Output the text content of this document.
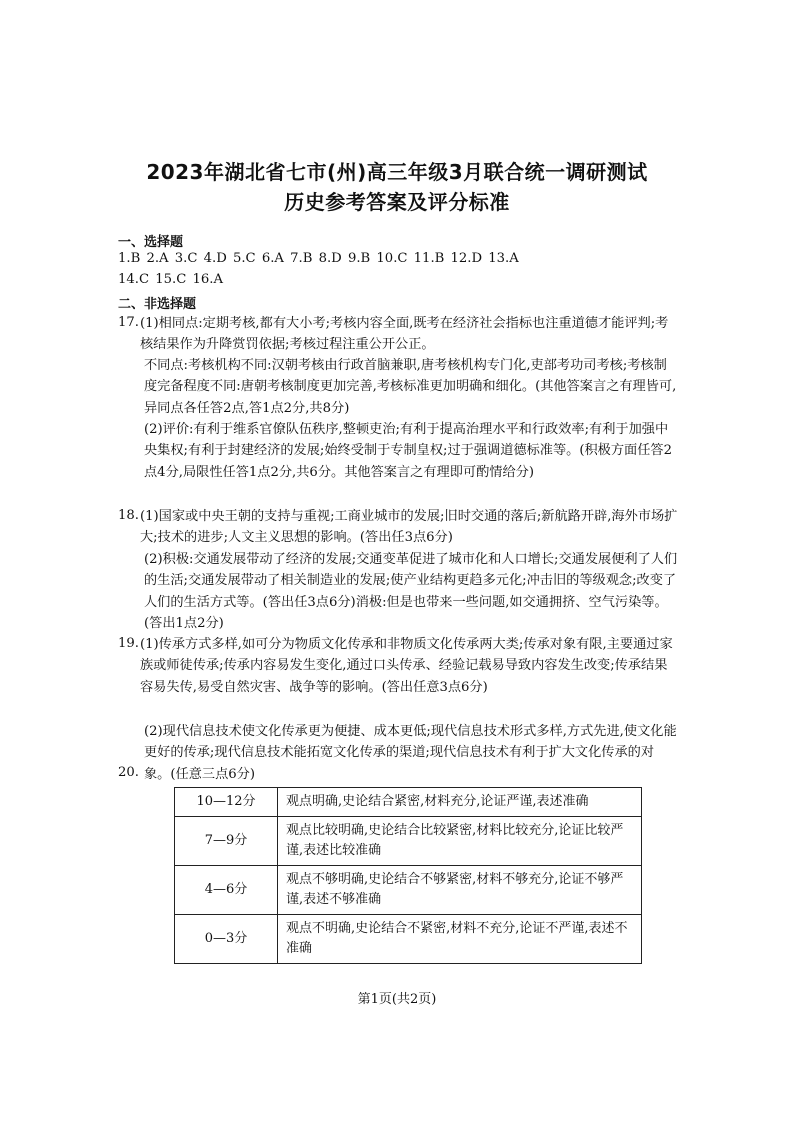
2023年湖北省七市(州)高三年级3月联合统一调研测试
历史参考答案及评分标准
一、选择题
1.B 2.A 3.C 4.D 5.C 6.A 7.B 8.D 9.B 10.C 11.B 12.D 13.A
14.C 15.C 16.A
二、非选择题
17. (1)相同点:定期考核,都有大小考;考核内容全面,既考在经济社会指标也注重道德才能评判;考核结果作为升降赏罚依据;考核过程注重公开公正。
不同点:考核机构不同:汉朝考核由行政首脑兼职,唐考核机构专门化,吏部考功司考核;考核制度完备程度不同:唐朝考核制度更加完善,考核标准更加明确和细化。(其他答案言之有理皆可,异同点各任答2点,答1点2分,共8分)
(2)评价:有利于维系官僚队伍秩序,整顿吏治;有利于提高治理水平和行政效率;有利于加强中央集权;有利于封建经济的发展;始终受制于专制皇权;过于强调道德标准等。(积极方面任答2点4分,局限性任答1点2分,共6分。其他答案言之有理即可酌情给分)
18. (1)国家或中央王朝的支持与重视;工商业城市的发展;旧时交通的落后;新航路开辟,海外市场扩大;技术的进步;人文主义思想的影响。(答出任3点6分)
(2)积极:交通发展带动了经济的发展;交通变革促进了城市化和人口增长;交通发展便利了人们的生活;交通发展带动了相关制造业的发展;使产业结构更趋多元化;冲击旧的等级观念;改变了人们的生活方式等。(答出任3点6分)消极:但是也带来一些问题,如交通拥挤、空气污染等。(答出1点2分)
19. (1)传承方式多样,如可分为物质文化传承和非物质文化传承两大类;传承对象有限,主要通过家族或师徒传承;传承内容易发生变化,通过口头传承、经验记载易导致内容发生改变;传承结果容易失传,易受自然灾害、战争等的影响。(答出任意3点6分)
(2)现代信息技术使文化传承更为便捷、成本更低;现代信息技术形式多样,方式先进,使文化能更好的传承;现代信息技术能拓宽文化传承的渠道;现代信息技术有利于扩大文化传承的对象。(任意三点6分)
20.
10—12分	观点明确,史论结合紧密,材料充分,论证严谨,表述准确
7—9分	观点比较明确,史论结合比较紧密,材料比较充分,论证比较严谨,表述比较准确
4—6分	观点不够明确,史论结合不够紧密,材料不够充分,论证不够严谨,表述不够准确
0—3分	观点不明确,史论结合不紧密,材料不充分,论证不严谨,表述不准确
第1页(共2页)
